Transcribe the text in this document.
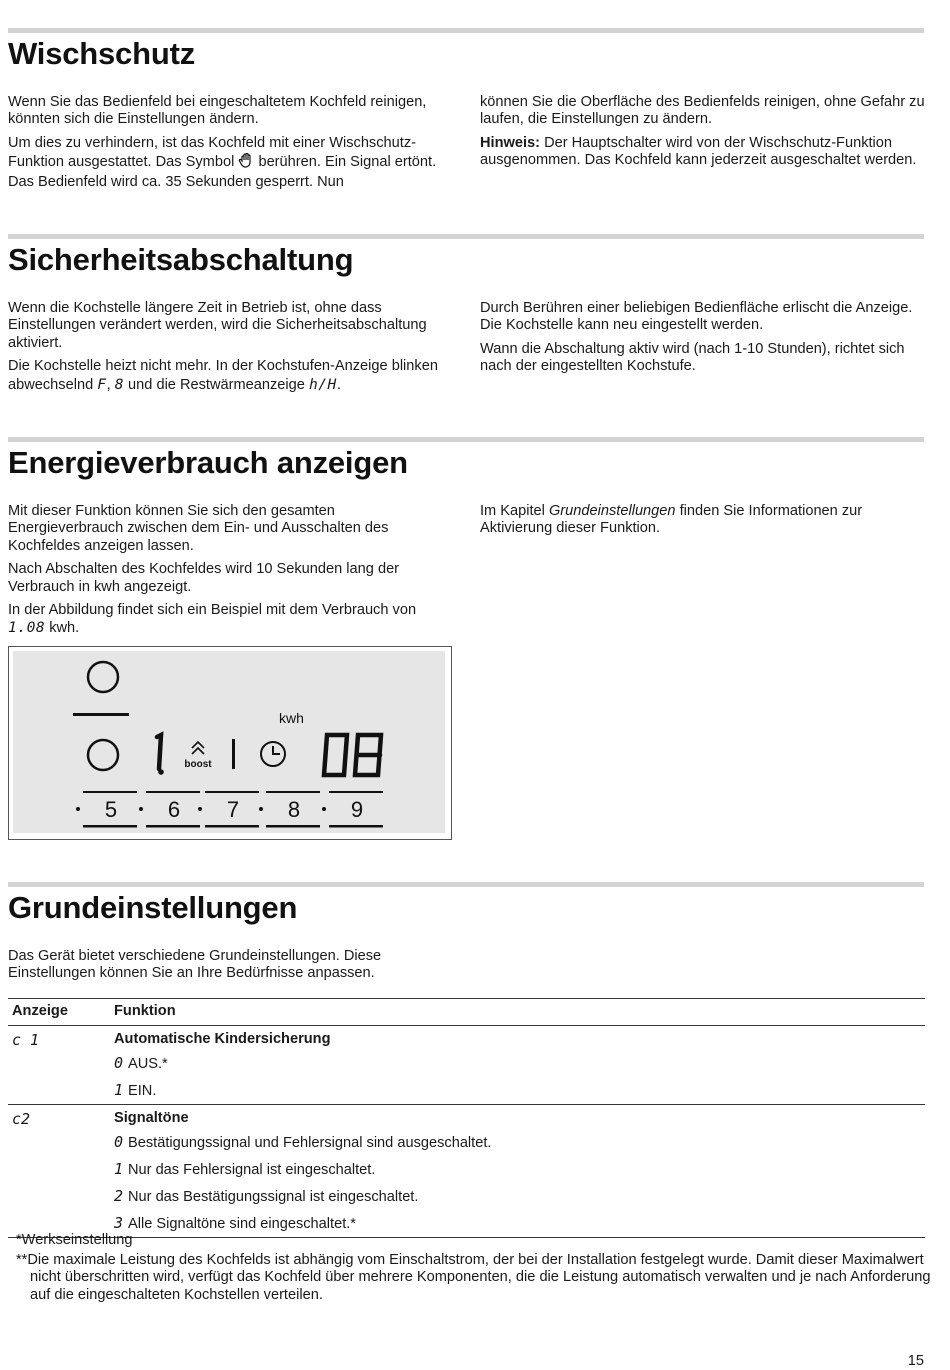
Wischschutz

Wenn Sie das Bedienfeld bei eingeschaltetem Kochfeld reinigen, könnten sich die Einstellungen ändern.

Um dies zu verhindern, ist das Kochfeld mit einer Wischschutz-Funktion ausgestattet. Das Symbol berühren. Ein Signal ertönt. Das Bedienfeld wird ca. 35 Sekunden gesperrt. Nun

können Sie die Oberfläche des Bedienfelds reinigen, ohne Gefahr zu laufen, die Einstellungen zu ändern.

Hinweis: Der Hauptschalter wird von der Wischschutz-Funktion ausgenommen. Das Kochfeld kann jederzeit ausgeschaltet werden.

Sicherheitsabschaltung

Wenn die Kochstelle längere Zeit in Betrieb ist, ohne dass Einstellungen verändert werden, wird die Sicherheitsabschaltung aktiviert.

Die Kochstelle heizt nicht mehr. In der Kochstufen-Anzeige blinken abwechselnd F, 8 und die Restwärmeanzeige h/H.

Durch Berühren einer beliebigen Bedienfläche erlischt die Anzeige. Die Kochstelle kann neu eingestellt werden.

Wann die Abschaltung aktiv wird (nach 1-10 Stunden), richtet sich nach der eingestellten Kochstufe.

Energieverbrauch anzeigen

Mit dieser Funktion können Sie sich den gesamten Energieverbrauch zwischen dem Ein- und Ausschalten des Kochfeldes anzeigen lassen.

Nach Abschalten des Kochfeldes wird 10 Sekunden lang der Verbrauch in kwh angezeigt.

In der Abbildung findet sich ein Beispiel mit dem Verbrauch von 1.08 kwh.

Im Kapitel Grundeinstellungen finden Sie Informationen zur Aktivierung dieser Funktion.

boost
kwh
5 6 7 8 9
Grundeinstellungen

Das Gerät bietet verschiedene Grundeinstellungen. Diese Einstellungen können Sie an Ihre Bedürfnisse anpassen.

Anzeige	Funktion
c 1	Automatische Kindersicherung
	0 AUS.*
	1 EIN.
c2	Signaltöne
	0 Bestätigungssignal und Fehlersignal sind ausgeschaltet.
	1 Nur das Fehlersignal ist eingeschaltet.
	2 Nur das Bestätigungssignal ist eingeschaltet.
	3 Alle Signaltöne sind eingeschaltet.*
*Werkseinstellung
**Die maximale Leistung des Kochfelds ist abhängig vom Einschaltstrom, der bei der Installation festgelegt wurde. Damit dieser Maximalwert nicht überschritten wird, verfügt das Kochfeld über mehrere Komponenten, die die Leistung automatisch verwalten und je nach Anforderung auf die eingeschalteten Kochstellen verteilen.
15
